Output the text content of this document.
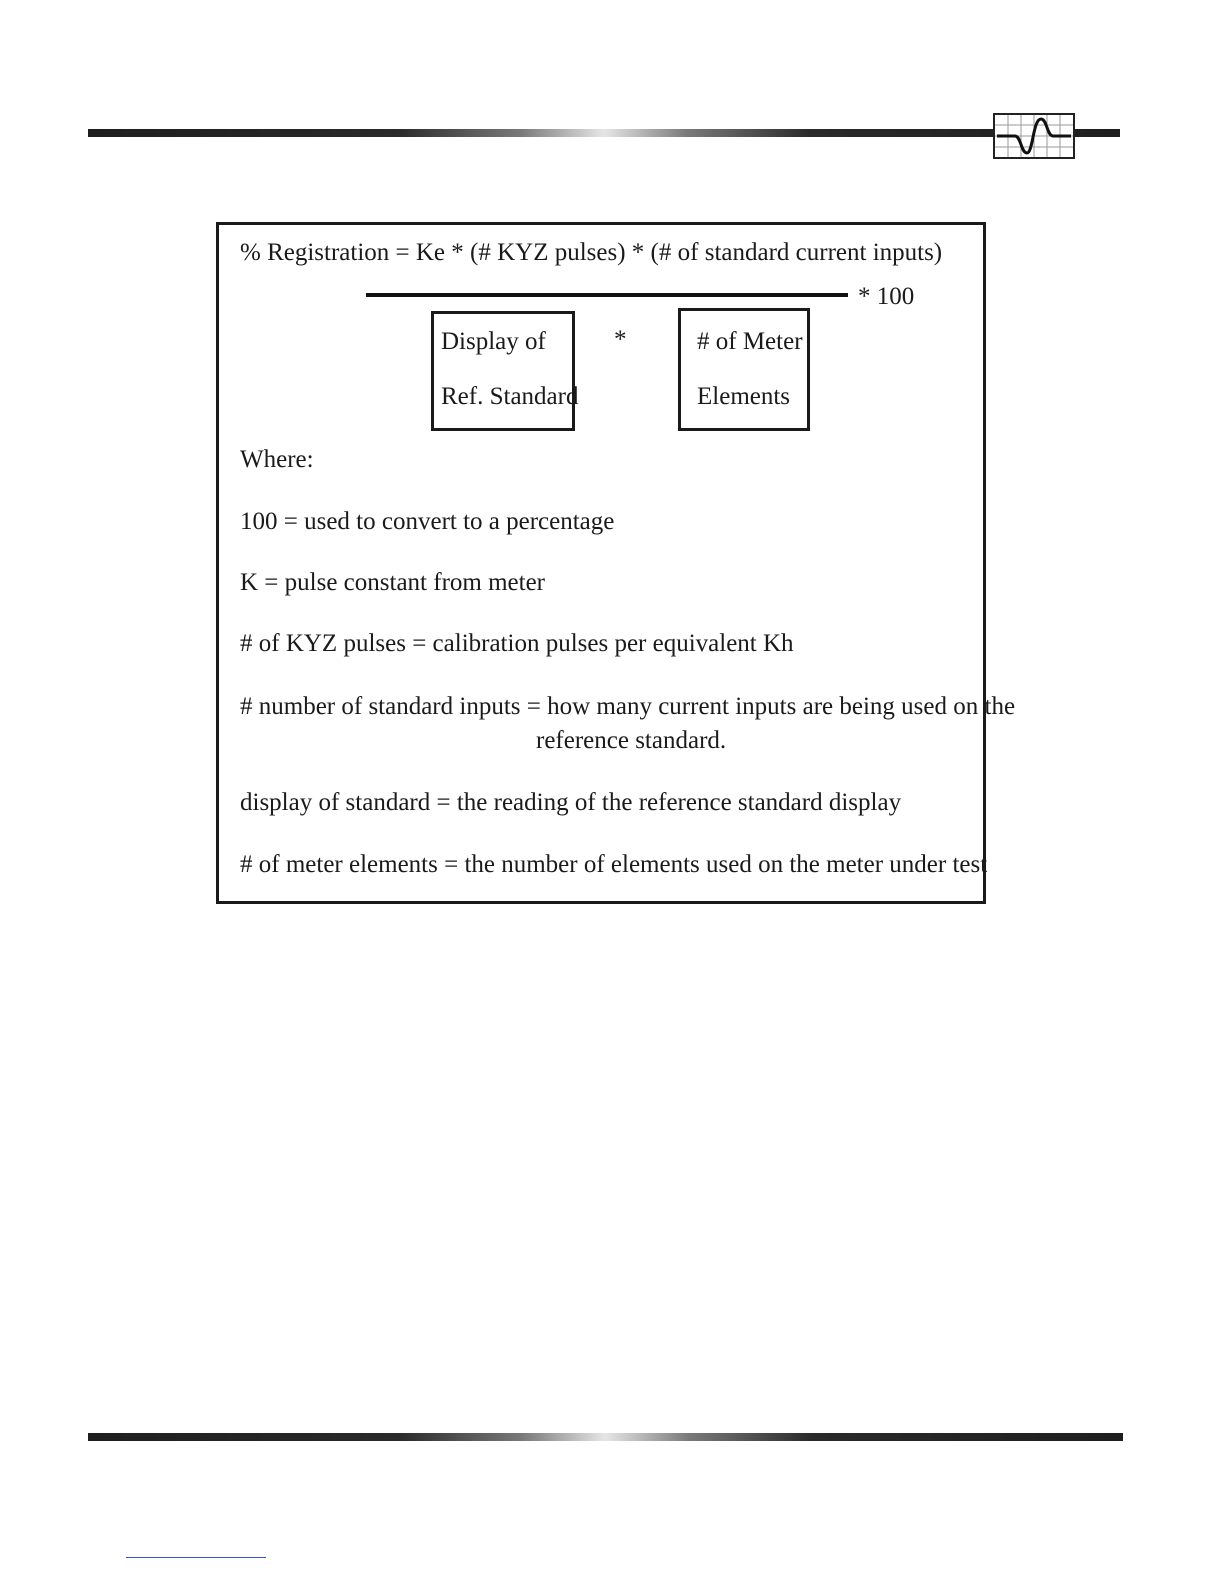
% Registration = Ke * (# KYZ pulses) * (# of standard current inputs)
* 100
Display of
Ref. Standard
*	# of Meter
Elements
Where:
100 = used to convert to a percentage
K = pulse constant from meter
# of KYZ pulses = calibration pulses per equivalent Kh
# number of standard inputs = how many current inputs are being used on the
reference standard.
display of standard = the reading of the reference standard display
# of meter elements = the number of elements used on the meter under test
